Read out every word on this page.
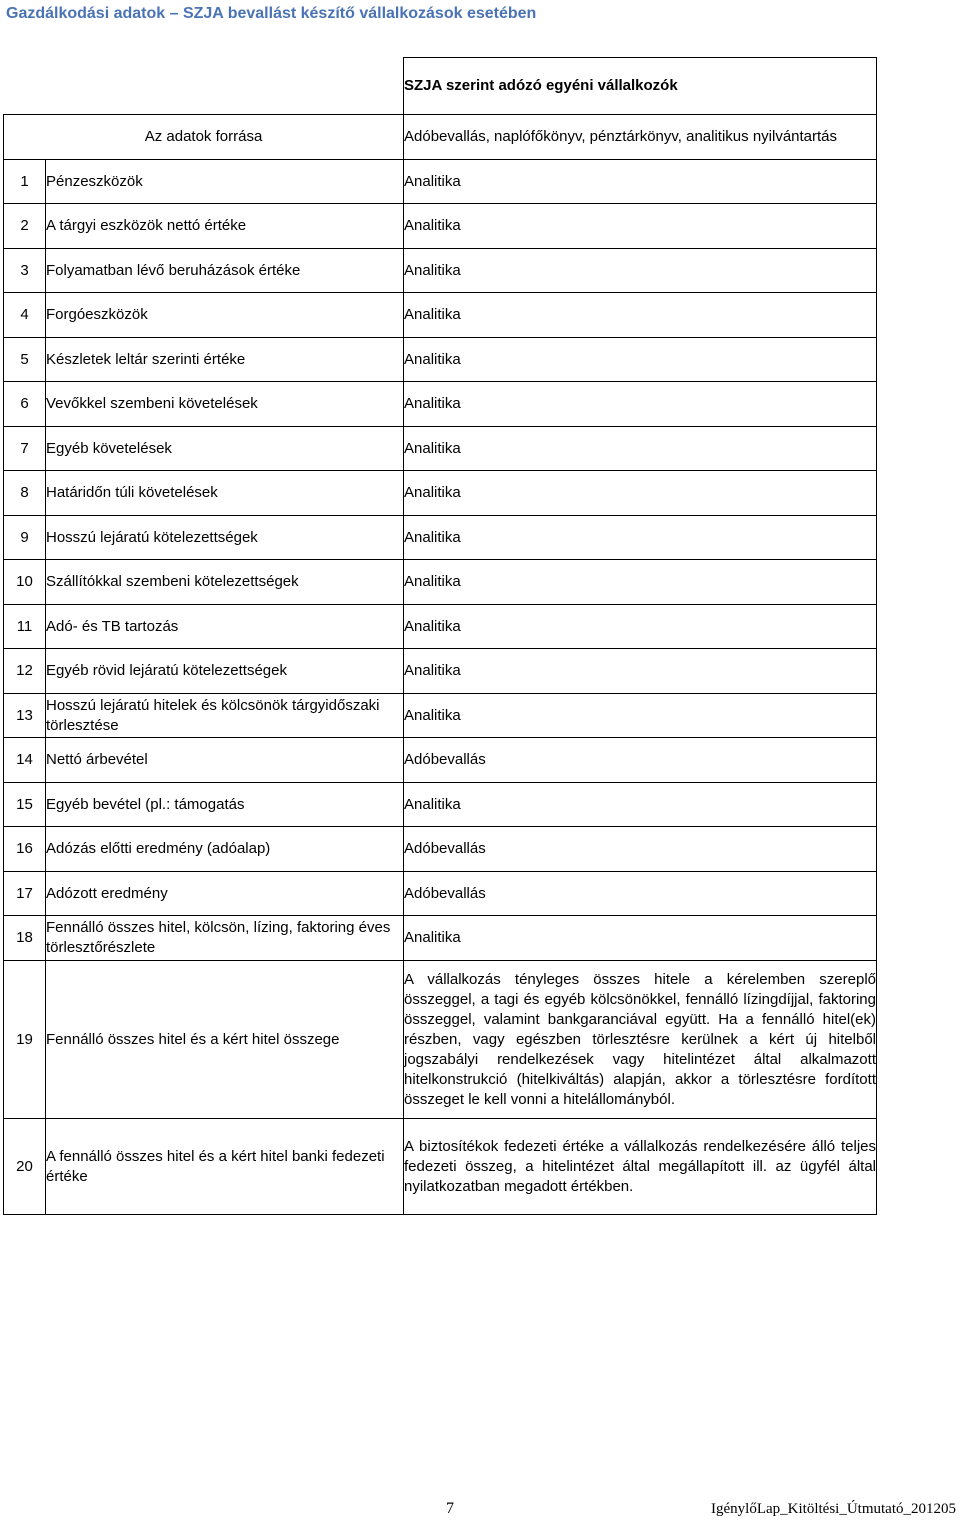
Gazdálkodási adatok – SZJA bevallást készítő vállalkozások esetében
		SZJA szerint adózó egyéni vállalkozók
Az adatok forrása		Adóbevallás, naplófőkönyv, pénztárkönyv, analitikus nyilvántartás
1	Pénzeszközök	Analitika
2	A tárgyi eszközök nettó értéke	Analitika
3	Folyamatban lévő beruházások értéke	Analitika
4	Forgóeszközök	Analitika
5	Készletek leltár szerinti értéke	Analitika
6	Vevőkkel szembeni követelések	Analitika
7	Egyéb követelések	Analitika
8	Határidőn túli követelések	Analitika
9	Hosszú lejáratú kötelezettségek	Analitika
10	Szállítókkal szembeni kötelezettségek	Analitika
11	Adó- és TB tartozás	Analitika
12	Egyéb rövid lejáratú kötelezettségek	Analitika
13	Hosszú lejáratú hitelek és kölcsönök tárgyidőszaki törlesztése	Analitika
14	Nettó árbevétel	Adóbevallás
15	Egyéb bevétel (pl.: támogatás	Analitika
16	Adózás előtti eredmény (adóalap)	Adóbevallás
17	Adózott eredmény	Adóbevallás
18	Fennálló összes hitel, kölcsön, lízing, faktoring éves törlesztőrészlete	Analitika
19	Fennálló összes hitel és a kért hitel összege	A vállalkozás tényleges összes hitele a kérelemben szereplő összeggel, a tagi és egyéb kölcsönökkel, fennálló lízingdíjjal, faktoring összeggel, valamint bankgaranciával együtt. Ha a fennálló hitel(ek) részben, vagy egészben törlesztésre kerülnek a kért új hitelből jogszabályi rendelkezések vagy hitelintézet által alkalmazott hitelkonstrukció (hitelkiváltás) alapján, akkor a törlesztésre fordított összeget le kell vonni a hitelállományból.
20	A fennálló összes hitel és a kért hitel banki fedezeti értéke	A biztosítékok fedezeti értéke a vállalkozás rendelkezésére álló teljes fedezeti összeg, a hitelintézet által megállapított ill. az ügyfél által nyilatkozatban megadott értékben.
7	IgénylőLap_Kitöltési_Útmutató_201205
